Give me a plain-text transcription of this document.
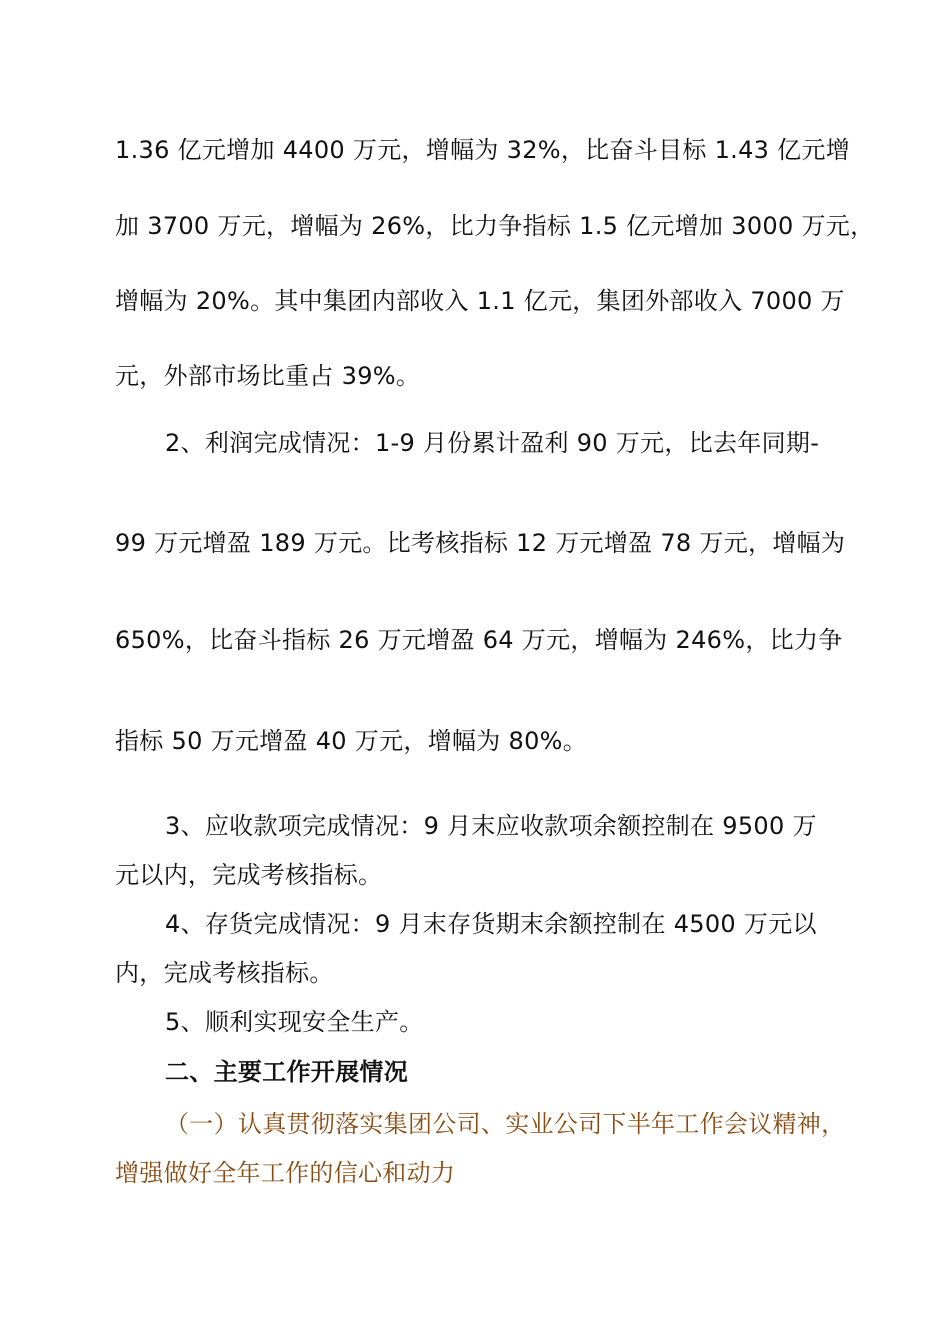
1.36 亿元增加 4400 万元，增幅为 32%，比奋斗目标 1.43 亿元增
加 3700 万元，增幅为 26%，比力争指标 1.5 亿元增加 3000 万元，
增幅为 20%。其中集团内部收入 1.1 亿元，集团外部收入 7000 万
元，外部市场比重占 39%。
2、利润完成情况：1-9 月份累计盈利 90 万元，比去年同期-
99 万元增盈 189 万元。比考核指标 12 万元增盈 78 万元，增幅为
650%，比奋斗指标 26 万元增盈 64 万元，增幅为 246%，比力争
指标 50 万元增盈 40 万元，增幅为 80%。
3、应收款项完成情况：9 月末应收款项余额控制在 9500 万
元以内，完成考核指标。
4、存货完成情况：9 月末存货期末余额控制在 4500 万元以
内，完成考核指标。
5、顺利实现安全生产。
二、主要工作开展情况
（一）认真贯彻落实集团公司、实业公司下半年工作会议精神，
增强做好全年工作的信心和动力
